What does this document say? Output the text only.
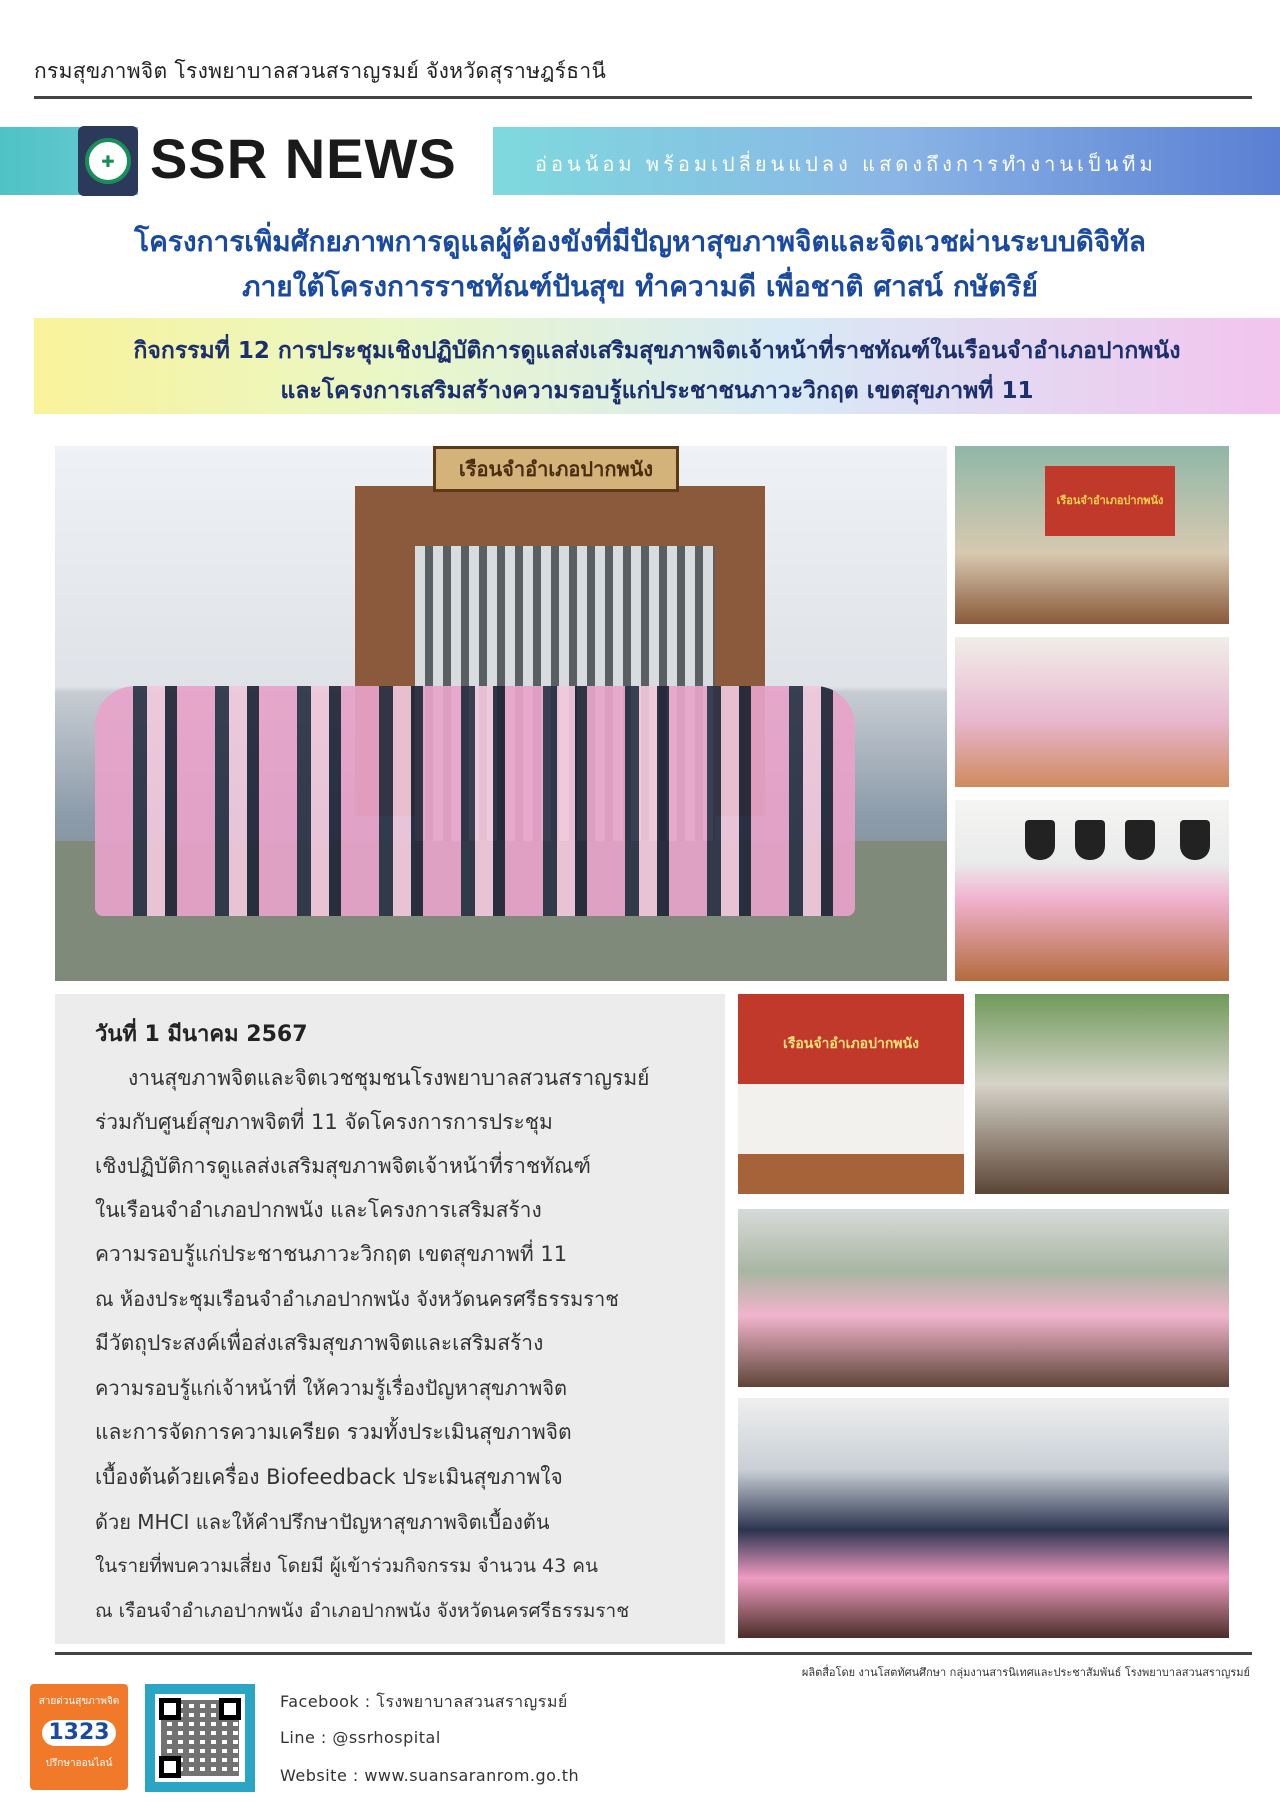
กรมสุขภาพจิต โรงพยาบาลสวนสราญรมย์ จังหวัดสุราษฎร์ธานี
✚ SSR NEWS	อ่อนน้อม พร้อมเปลี่ยนแปลง แสดงถึงการทำงานเป็นทีม
โครงการเพิ่มศักยภาพการดูแลผู้ต้องขังที่มีปัญหาสุขภาพจิตและจิตเวชผ่านระบบดิจิทัล
ภายใต้โครงการราชทัณฑ์ปันสุข ทำความดี เพื่อชาติ ศาสน์ กษัตริย์
กิจกรรมที่ 12 การประชุมเชิงปฏิบัติการดูแลส่งเสริมสุขภาพจิตเจ้าหน้าที่ราชทัณฑ์ในเรือนจำอำเภอปากพนัง
และโครงการเสริมสร้างความรอบรู้แก่ประชาชนภาวะวิกฤต เขตสุขภาพที่ 11
เรือนจำอำเภอปากพนัง
เรือนจำอำเภอปากพนัง
วันที่ 1 มีนาคม 2567
งานสุขภาพจิตและจิตเวชชุมชนโรงพยาบาลสวนสราญรมย์
ร่วมกับศูนย์สุขภาพจิตที่ 11 จัดโครงการการประชุม
เชิงปฏิบัติการดูแลส่งเสริมสุขภาพจิตเจ้าหน้าที่ราชทัณฑ์
ในเรือนจำอำเภอปากพนัง และโครงการเสริมสร้าง
ความรอบรู้แก่ประชาชนภาวะวิกฤต เขตสุขภาพที่ 11
ณ ห้องประชุมเรือนจำอำเภอปากพนัง จังหวัดนครศรีธรรมราช
มีวัตถุประสงค์เพื่อส่งเสริมสุขภาพจิตและเสริมสร้าง
ความรอบรู้แก่เจ้าหน้าที่ ให้ความรู้เรื่องปัญหาสุขภาพจิต
และการจัดการความเครียด รวมทั้งประเมินสุขภาพจิต
เบื้องต้นด้วยเครื่อง Biofeedback ประเมินสุขภาพใจ
ด้วย MHCI และให้คำปรึกษาปัญหาสุขภาพจิตเบื้องต้น
ในรายที่พบความเสี่ยง โดยมี ผู้เข้าร่วมกิจกรรม จำนวน 43 คน
ณ เรือนจำอำเภอปากพนัง อำเภอปากพนัง จังหวัดนครศรีธรรมราช
เรือนจำอำเภอปากพนัง
ผลิตสื่อโดย งานโสตทัศนศึกษา กลุ่มงานสารนิเทศและประชาสัมพันธ์ โรงพยาบาลสวนสราญรมย์
สายด่วนสุขภาพจิต
1323
ปรึกษาออนไลน์
Facebook : โรงพยาบาลสวนสราญรมย์
Line : @ssrhospital
Website : www.suansaranrom.go.th
